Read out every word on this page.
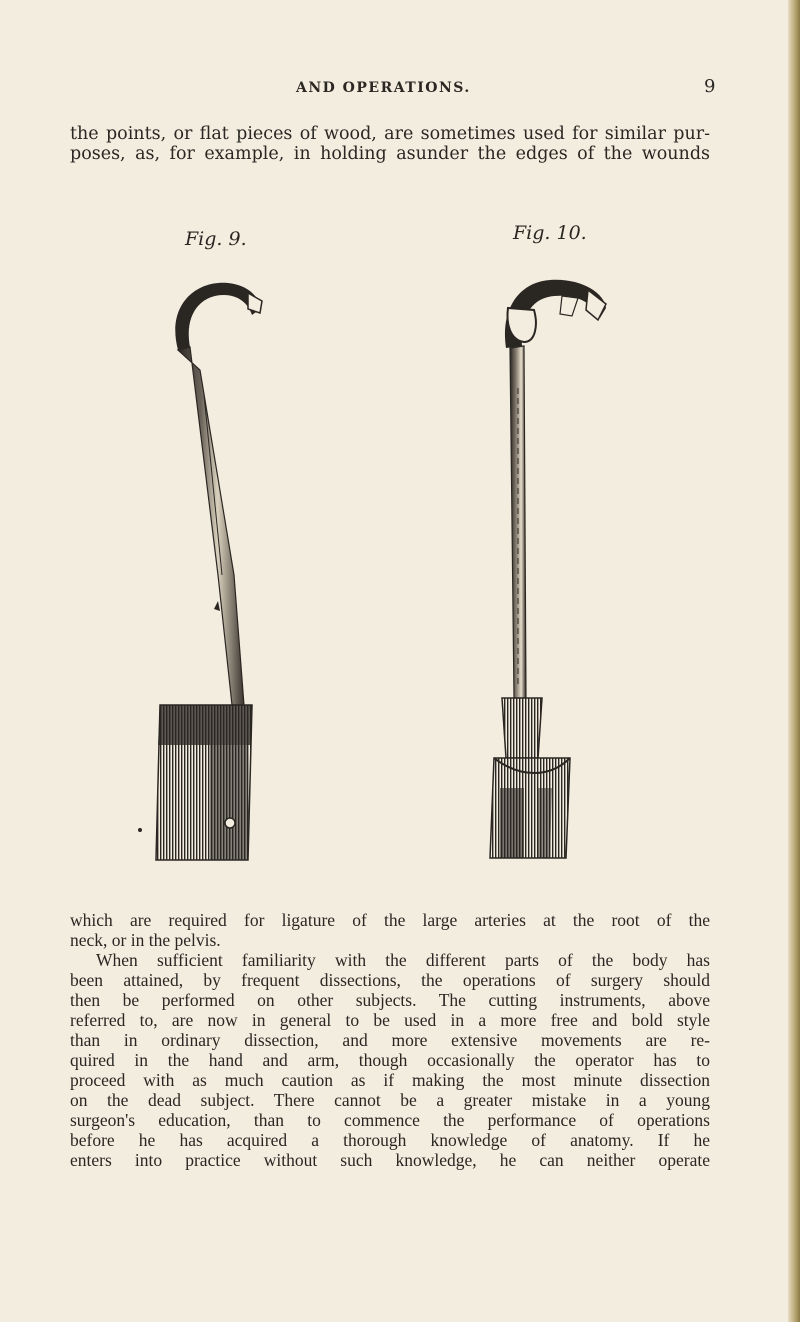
AND OPERATIONS.	9
the points, or flat pieces of wood, are sometimes used for similar pur-
poses, as, for example, in holding asunder the edges of the wounds
Fig. 9.	Fig. 10.
which are required for ligature of the large arteries at the root of the
neck, or in the pelvis.
When sufficient familiarity with the different parts of the body has
been attained, by frequent dissections, the operations of surgery should
then be performed on other subjects. The cutting instruments, above
referred to, are now in general to be used in a more free and bold style
than in ordinary dissection, and more extensive movements are re-
quired in the hand and arm, though occasionally the operator has to
proceed with as much caution as if making the most minute dissection
on the dead subject. There cannot be a greater mistake in a young
surgeon's education, than to commence the performance of operations
before he has acquired a thorough knowledge of anatomy. If he
enters into practice without such knowledge, he can neither operate
